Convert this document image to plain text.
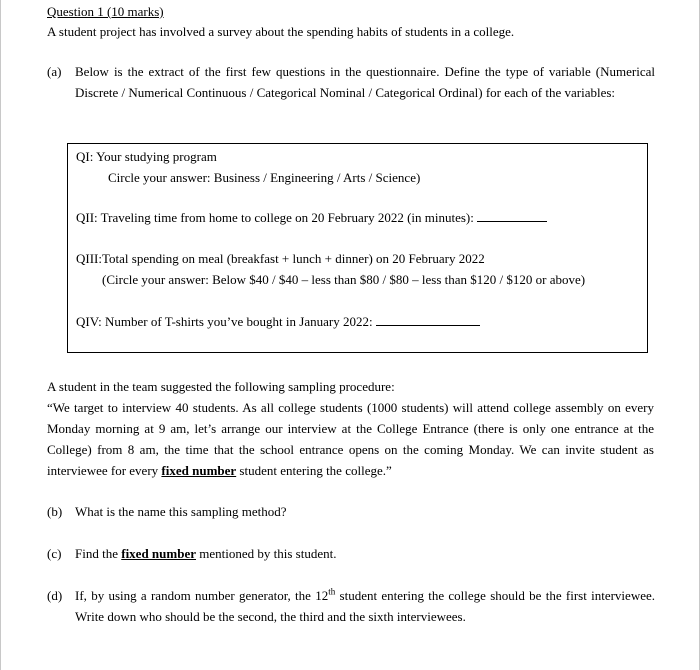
Question 1 (10 marks)
A student project has involved a survey about the spending habits of students in a college.
(a) Below is the extract of the first few questions in the questionnaire. Define the type of variable (Numerical Discrete / Numerical Continuous / Categorical Nominal / Categorical Ordinal) for each of the variables:
QI: Your studying program
Circle your answer: Business / Engineering / Arts / Science)
QII: Traveling time from home to college on 20 February 2022 (in minutes):
QIII:Total spending on meal (breakfast + lunch + dinner) on 20 February 2022
(Circle your answer: Below $40 / $40 – less than $80 / $80 – less than $120 / $120 or above)
QIV: Number of T-shirts you’ve bought in January 2022:
A student in the team suggested the following sampling procedure:
“We target to interview 40 students. As all college students (1000 students) will attend college assembly on every Monday morning at 9 am, let’s arrange our interview at the College Entrance (there is only one entrance at the College) from 8 am, the time that the school entrance opens on the coming Monday. We can invite student as interviewee for every fixed number student entering the college.”
(b) What is the name this sampling method?
(c) Find the fixed number mentioned by this student.
(d) If, by using a random number generator, the 12th student entering the college should be the first interviewee. Write down who should be the second, the third and the sixth interviewees.
